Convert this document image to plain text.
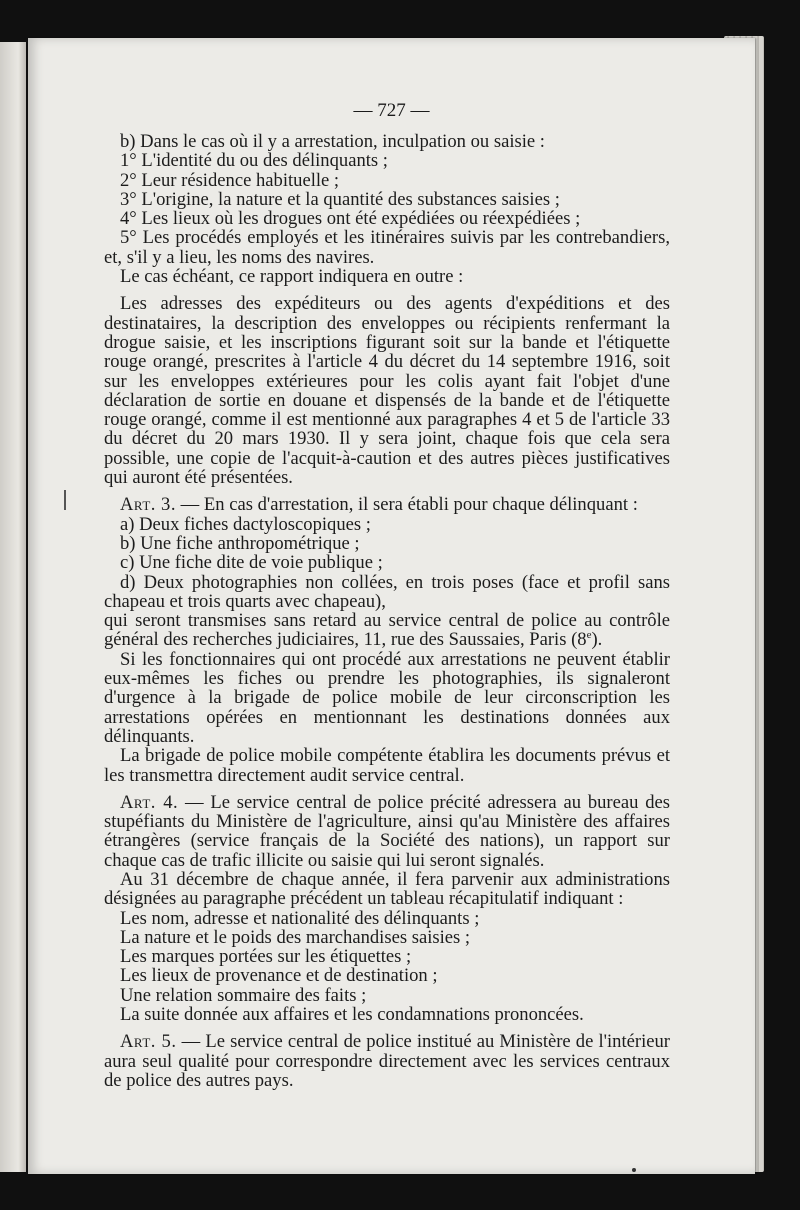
— 727 —

b) Dans le cas où il y a arrestation, inculpation ou saisie :

1° L'identité du ou des délinquants ;

2° Leur résidence habituelle ;

3° L'origine, la nature et la quantité des substances saisies ;

4° Les lieux où les drogues ont été expédiées ou réexpédiées ;

5° Les procédés employés et les itinéraires suivis par les contrebandiers, et, s'il y a lieu, les noms des navires.

Le cas échéant, ce rapport indiquera en outre :

Les adresses des expéditeurs ou des agents d'expéditions et des destinataires, la description des enveloppes ou récipients renfermant la drogue saisie, et les inscriptions figurant soit sur la bande et l'étiquette rouge orangé, prescrites à l'article 4 du décret du 14 septembre 1916, soit sur les enveloppes extérieures pour les colis ayant fait l'objet d'une déclaration de sortie en douane et dispensés de la bande et de l'étiquette rouge orangé, comme il est mentionné aux paragraphes 4 et 5 de l'article 33 du décret du 20 mars 1930. Il y sera joint, chaque fois que cela sera possible, une copie de l'acquit-à-caution et des autres pièces justificatives qui auront été présentées.

Art. 3. — En cas d'arrestation, il sera établi pour chaque délinquant :

a) Deux fiches dactyloscopiques ;

b) Une fiche anthropométrique ;

c) Une fiche dite de voie publique ;

d) Deux photographies non collées, en trois poses (face et profil sans chapeau et trois quarts avec chapeau),

qui seront transmises sans retard au service central de police au contrôle général des recherches judiciaires, 11, rue des Saussaies, Paris (8e).

Si les fonctionnaires qui ont procédé aux arrestations ne peuvent établir eux-mêmes les fiches ou prendre les photographies, ils signaleront d'urgence à la brigade de police mobile de leur circonscription les arrestations opérées en mentionnant les destinations données aux délinquants.

La brigade de police mobile compétente établira les documents prévus et les transmettra directement audit service central.

Art. 4. — Le service central de police précité adressera au bureau des stupéfiants du Ministère de l'agriculture, ainsi qu'au Ministère des affaires étrangères (service français de la Société des nations), un rapport sur chaque cas de trafic illicite ou saisie qui lui seront signalés.

Au 31 décembre de chaque année, il fera parvenir aux administrations désignées au paragraphe précédent un tableau récapitulatif indiquant :

Les nom, adresse et nationalité des délinquants ;

La nature et le poids des marchandises saisies ;

Les marques portées sur les étiquettes ;

Les lieux de provenance et de destination ;

Une relation sommaire des faits ;

La suite donnée aux affaires et les condamnations prononcées.

Art. 5. — Le service central de police institué au Ministère de l'intérieur aura seul qualité pour correspondre directement avec les services centraux de police des autres pays.
